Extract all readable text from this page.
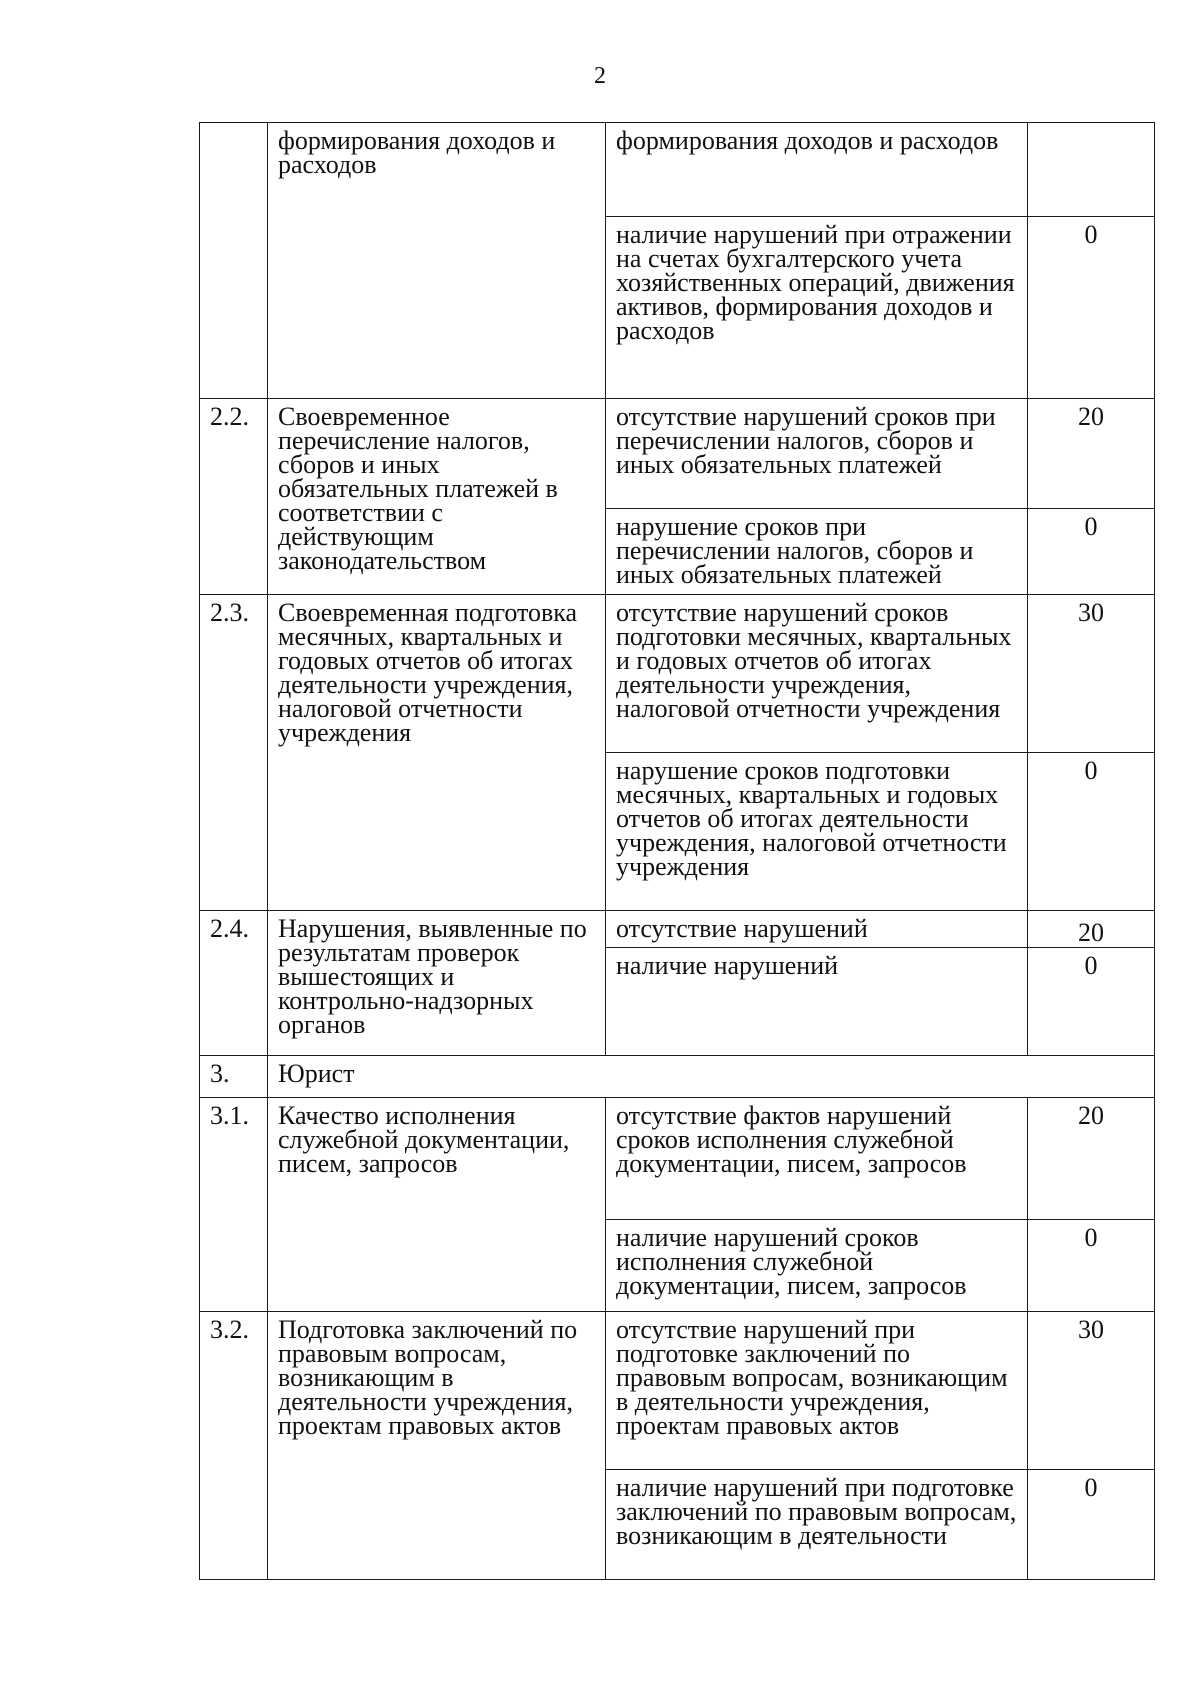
2
	формирования доходов и расходов	формирования доходов и расходов	
		наличие нарушений при отражении на счетах бухгалтерского учета хозяйственных операций, движения активов, формирования доходов и расходов	0
2.2.	Своевременное перечисление налогов, сборов и иных обязательных платежей в соответствии с действующим законодательством	отсутствие нарушений сроков при перечислении налогов, сборов и иных обязательных платежей	20
		нарушение сроков при перечислении налогов, сборов и иных обязательных платежей	0
2.3.	Своевременная подготовка месячных, квартальных и годовых отчетов об итогах деятельности учреждения, налоговой отчетности учреждения	отсутствие нарушений сроков подготовки месячных, квартальных и годовых отчетов об итогах деятельности учреждения, налоговой отчетности учреждения	30
		нарушение сроков подготовки месячных, квартальных и годовых отчетов об итогах деятельности учреждения, налоговой отчетности учреждения	0
2.4.	Нарушения, выявленные по результатам проверок вышестоящих и контрольно-надзорных органов	отсутствие нарушений	20
		наличие нарушений	0
3.	Юрист		
3.1.	Качество исполнения служебной документации, писем, запросов	отсутствие фактов нарушений сроков исполнения служебной документации, писем, запросов	20
		наличие нарушений сроков исполнения служебной документации, писем, запросов	0
3.2.	Подготовка заключений по правовым вопросам, возникающим в деятельности учреждения, проектам правовых актов	отсутствие нарушений при подготовке заключений по правовым вопросам, возникающим в деятельности учреждения, проектам правовых актов	30
		наличие нарушений при подготовке заключений по правовым вопросам, возникающим в деятельности	0
